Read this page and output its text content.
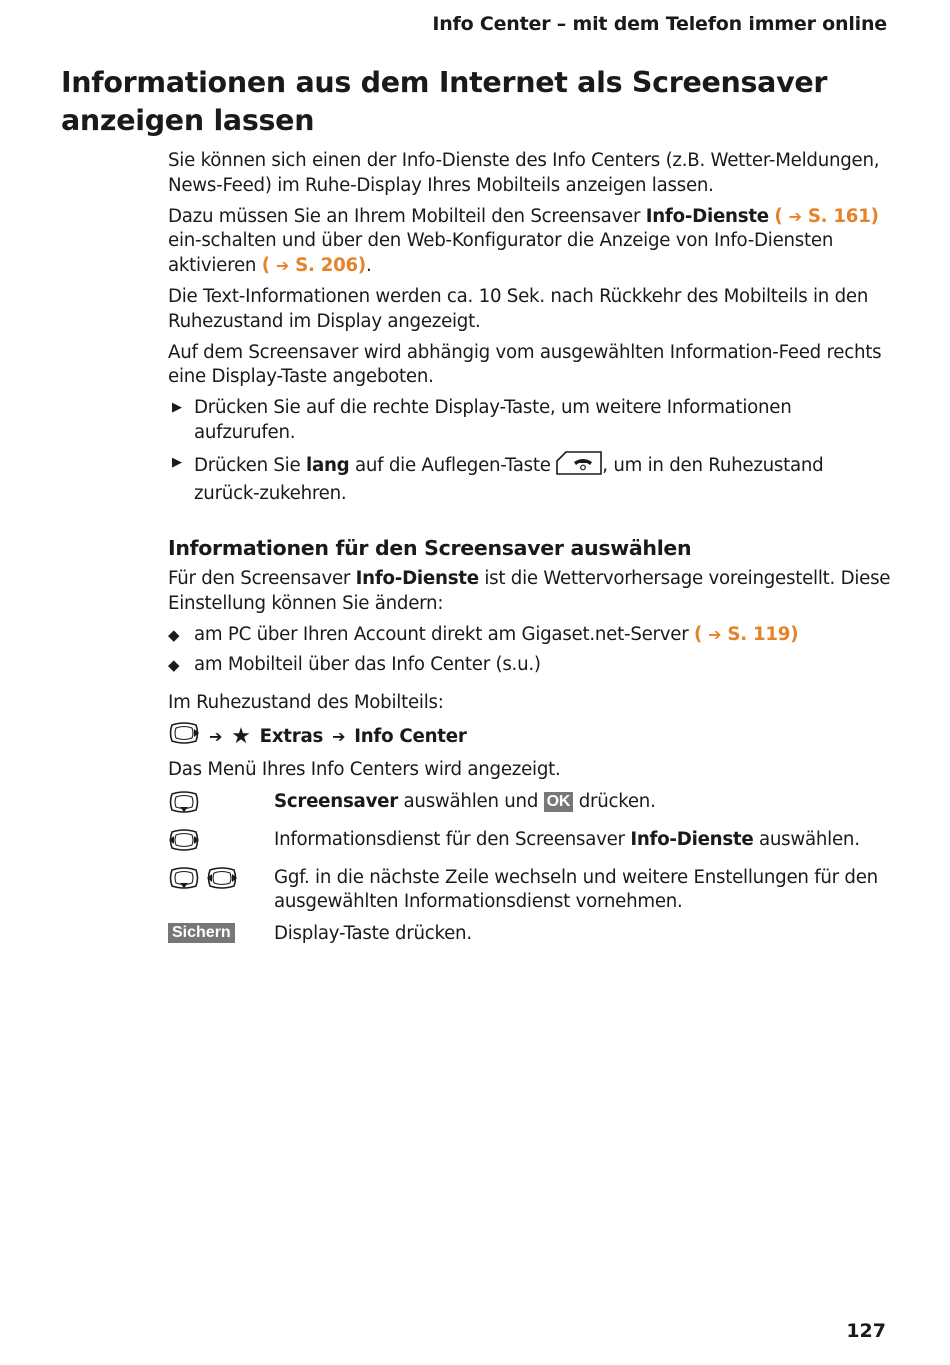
Info Center – mit dem Telefon immer online
Informationen aus dem Internet als Screensaver anzeigen lassen

Sie können sich einen der Info-Dienste des Info Centers (z.B. Wetter-Meldungen, News-Feed) im Ruhe-Display Ihres Mobilteils anzeigen lassen.

Dazu müssen Sie an Ihrem Mobilteil den Screensaver Info-Dienste ( ➔ S. 161) ein-schalten und über den Web-Konfigurator die Anzeige von Info-Diensten aktivieren ( ➔ S. 206).

Die Text-Informationen werden ca. 10 Sek. nach Rückkehr des Mobilteils in den Ruhezustand im Display angezeigt.

Auf dem Screensaver wird abhängig vom ausgewählten Information-Feed rechts eine Display-Taste angeboten.

▶ Drücken Sie auf die rechte Display-Taste, um weitere Informationen aufzurufen.
▶ Drücken Sie lang auf die Auflegen-Taste	, um in den Ruhezustand zurück-zukehren.
Informationen für den Screensaver auswählen

Für den Screensaver Info-Dienste ist die Wettervorhersage voreingestellt. Diese Einstellung können Sie ändern:

◆ am PC über Ihren Account direkt am Gigaset.net-Server ( ➔ S. 119)
◆ am Mobilteil über das Info Center (s.u.)

Im Ruhezustand des Mobilteils:

➔ ★ Extras ➔ Info Center

Das Menü Ihres Info Centers wird angezeigt.

Screensaver auswählen und OK drücken.
Informationsdienst für den Screensaver Info-Dienste auswählen.
Ggf. in die nächste Zeile wechseln und weitere Enstellungen für den ausgewählten Informationsdienst vornehmen.
Sichern Display-Taste drücken.
127
